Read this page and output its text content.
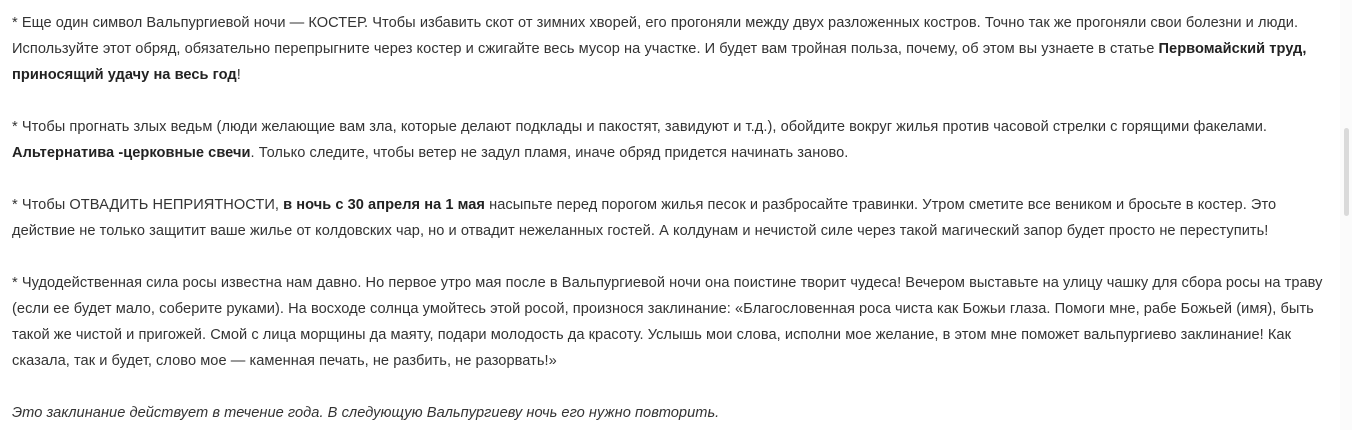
* Еще один символ Вальпургиевой ночи — КОСТЕР. Чтобы избавить скот от зимних хворей, его прогоняли между двух разложенных костров. Точно так же прогоняли свои болезни и люди. Используйте этот обряд, обязательно перепрыгните через костер и сжигайте весь мусор на участке. И будет вам тройная польза, почему, об этом вы узнаете в статье Первомайский труд, приносящий удачу на весь год!

* Чтобы прогнать злых ведьм (люди желающие вам зла, которые делают подклады и пакостят, завидуют и т.д.), обойдите вокруг жилья против часовой стрелки с горящими факелами. Альтернатива -церковные свечи. Только следите, чтобы ветер не задул пламя, иначе обряд придется начинать заново.

* Чтобы ОТВАДИТЬ НЕПРИЯТНОСТИ, в ночь с 30 апреля на 1 мая насыпьте перед порогом жилья песок и разбросайте травинки. Утром сметите все веником и бросьте в костер. Это действие не только защитит ваше жилье от колдовских чар, но и отвадит нежеланных гостей. А колдунам и нечистой силе через такой магический запор будет просто не переступить!

* Чудодейственная сила росы известна нам давно. Но первое утро мая после в Вальпургиевой ночи она поистине творит чудеса! Вечером выставьте на улицу чашку для сбора росы на траву (если ее будет мало, соберите руками). На восходе солнца умойтесь этой росой, произнося заклинание: «Благословенная роса чиста как Божьи глаза. Помоги мне, рабе Божьей (имя), быть такой же чистой и пригожей. Смой с лица морщины да маяту, подари молодость да красоту. Услышь мои слова, исполни мое желание, в этом мне поможет вальпургиево заклинание! Как сказала, так и будет, слово мое — каменная печать, не разбить, не разорвать!»

Это заклинание действует в течение года. В следующую Вальпургиеву ночь его нужно повторить.
